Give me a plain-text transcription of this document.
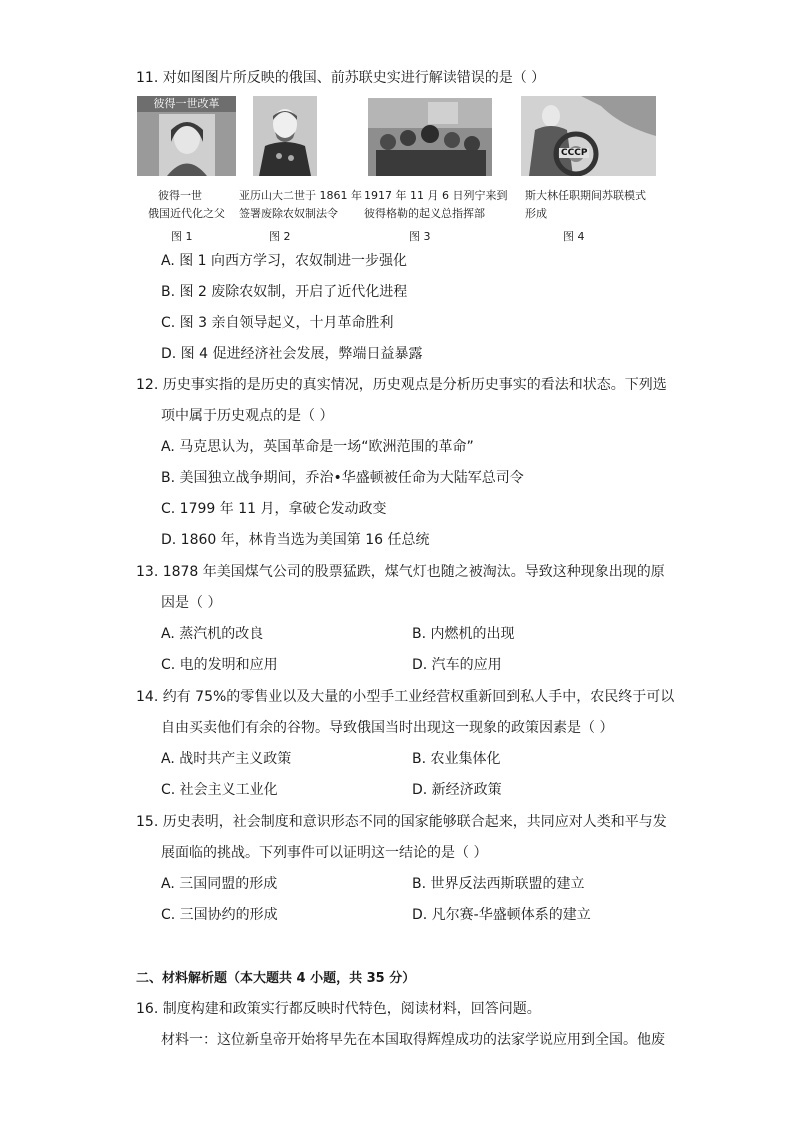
11. 对如图图片所反映的俄国、前苏联史实进行解读错误的是（ ）
彼得一世改革
彼得一世
俄国近代化之父
图 1
亚历山大二世于 1861 年
签署废除农奴制法令
图 2
1917 年 11 月 6 日列宁来到
彼得格勒的起义总指挥部
图 3
CCCP
斯大林任职期间苏联模式
形成
图 4
A. 图 1 向西方学习，农奴制进一步强化
B. 图 2 废除农奴制，开启了近代化进程
C. 图 3 亲自领导起义，十月革命胜利
D. 图 4 促进经济社会发展，弊端日益暴露
12. 历史事实指的是历史的真实情况，历史观点是分析历史事实的看法和状态。下列选
项中属于历史观点的是（ ）
A. 马克思认为，英国革命是一场“欧洲范围的革命”
B. 美国独立战争期间，乔治•华盛顿被任命为大陆军总司令
C. 1799 年 11 月，拿破仑发动政变
D. 1860 年，林肯当选为美国第 16 任总统
13. 1878 年美国煤气公司的股票猛跌，煤气灯也随之被淘汰。导致这种现象出现的原
因是（ ）
A. 蒸汽机的改良	B. 内燃机的出现
C. 电的发明和应用	D. 汽车的应用
14. 约有 75%的零售业以及大量的小型手工业经营权重新回到私人手中，农民终于可以
自由买卖他们有余的谷物。导致俄国当时出现这一现象的政策因素是（ ）
A. 战时共产主义政策	B. 农业集体化
C. 社会主义工业化	D. 新经济政策
15. 历史表明，社会制度和意识形态不同的国家能够联合起来，共同应对人类和平与发
展面临的挑战。下列事件可以证明这一结论的是（ ）
A. 三国同盟的形成	B. 世界反法西斯联盟的建立
C. 三国协约的形成	D. 凡尔赛-华盛顿体系的建立
二、材料解析题（本大题共 4 小题，共 35 分）
16. 制度构建和政策实行都反映时代特色，阅读材料，回答问题。
材料一：这位新皇帝开始将早先在本国取得辉煌成功的法家学说应用到全国。他废
